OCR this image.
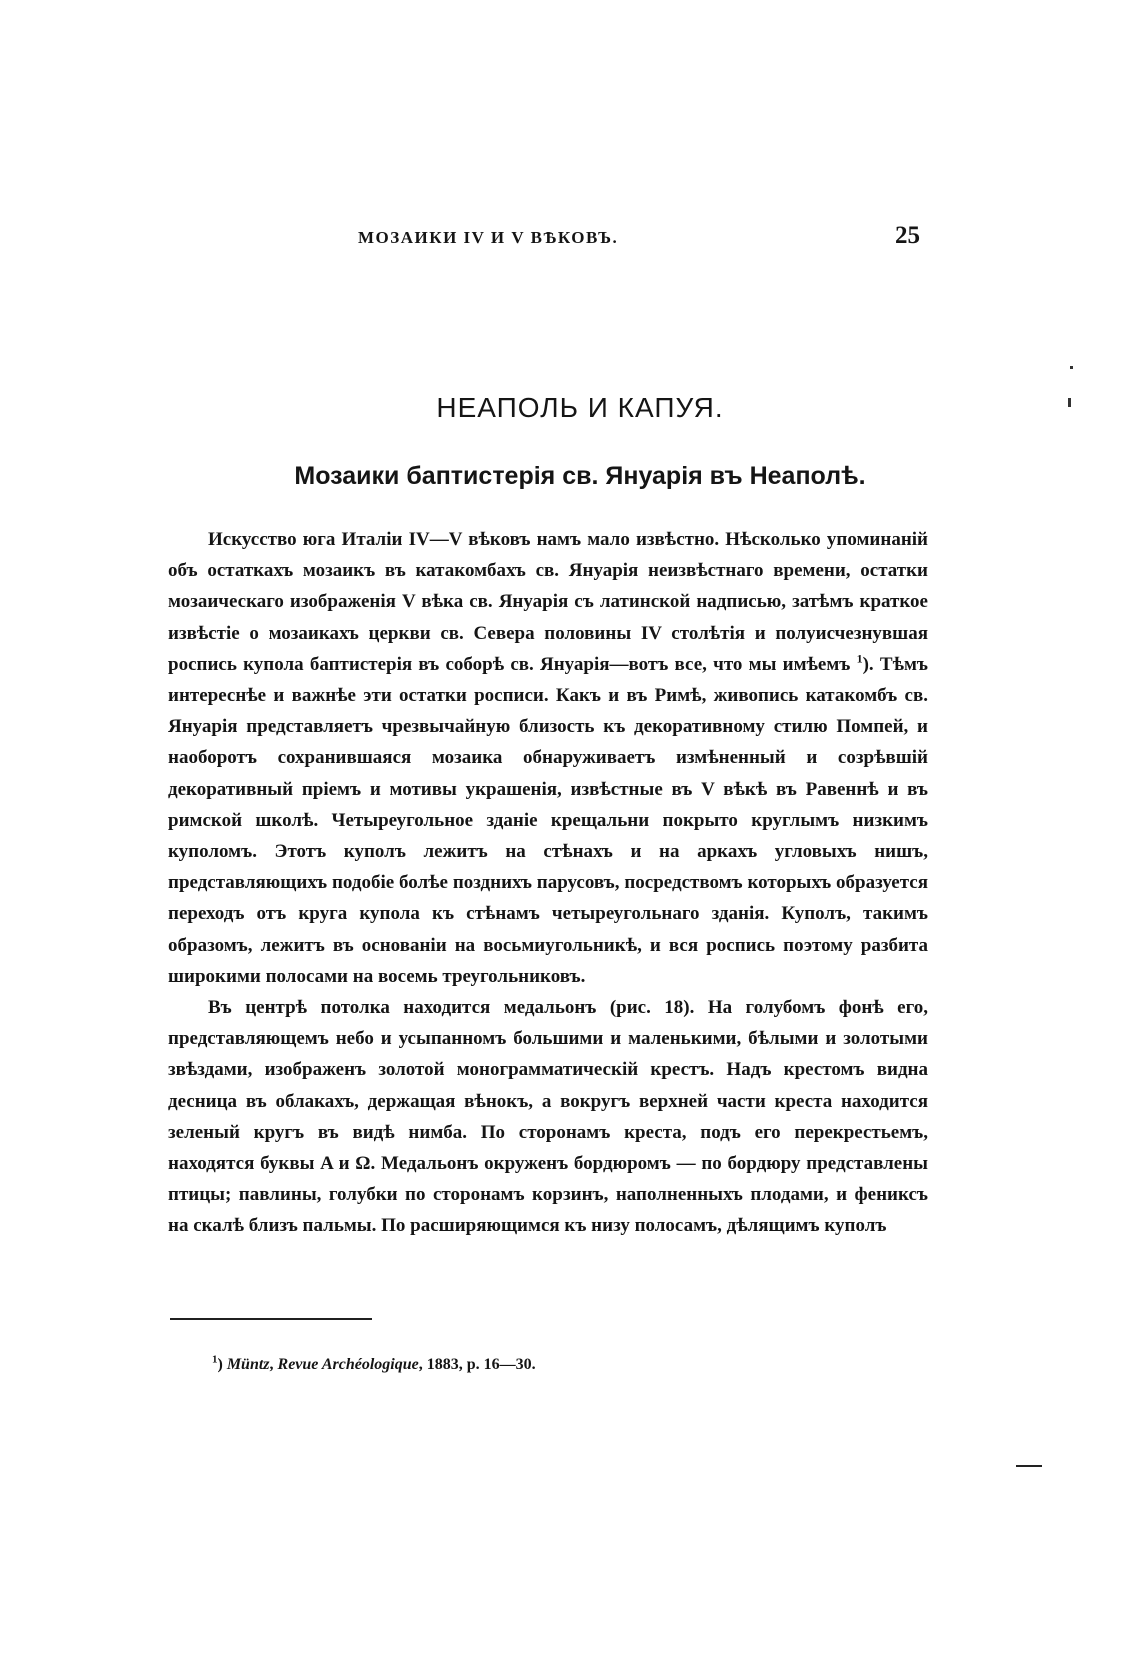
МОЗАИКИ IV И V ВѢКОВЪ.	25
НЕАПОЛЬ И КАПУЯ.
Мозаики баптистерія св. Януарія въ Неаполѣ.

Искусство юга Италіи IV—V вѣковъ намъ мало извѣстно. Нѣсколько упоминаній объ остаткахъ мозаикъ въ катакомбахъ св. Януарія неизвѣстнаго времени, остатки мозаическаго изображенія V вѣка св. Януарія съ латинской надписью, затѣмъ краткое извѣстіе о мозаикахъ церкви св. Севера половины IV столѣтія и полуисчезнувшая роспись купола баптистерія въ соборѣ св. Януарія—вотъ все, что мы имѣемъ $^1$). Тѣмъ интереснѣе и важнѣе эти остатки росписи. Какъ и въ Римѣ, живопись катакомбъ св. Януарія представляетъ чрезвычайную близость къ декоративному стилю Помпей, и наоборотъ сохранившаяся мозаика обнаруживаетъ измѣненный и созрѣвшій декоративный пріемъ и мотивы украшенія, извѣстные въ V вѣкѣ въ Равеннѣ и въ римской школѣ. Четыреугольное зданіе крещальни покрыто круглымъ низкимъ куполомъ. Этотъ куполъ лежитъ на стѣнахъ и на аркахъ угловыхъ нишъ, представляющихъ подобіе болѣе позднихъ парусовъ, посредствомъ которыхъ образуется переходъ отъ круга купола къ стѣнамъ четыреугольнаго зданія. Куполъ, такимъ образомъ, лежитъ въ основаніи на восьмиугольникѣ, и вся роспись поэтому разбита широкими полосами на восемь треугольниковъ.

Въ центрѣ потолка находится медальонъ (рис. 18). На голубомъ фонѣ его, представляющемъ небо и усыпанномъ большими и маленькими, бѣлыми и золотыми звѣздами, изображенъ золотой монограмматическій крестъ. Надъ крестомъ видна десница въ облакахъ, держащая вѣнокъ, а вокругъ верхней части креста находится зеленый кругъ въ видѣ нимба. По сторонамъ креста, подъ его перекрестьемъ, находятся буквы Α и Ω. Медальонъ окруженъ бордюромъ — по бордюру представлены птицы; павлины, голубки по сторонамъ корзинъ, наполненныхъ плодами, и фениксъ на скалѣ близъ пальмы. По расширяющимся къ низу полосамъ, дѣлящимъ куполъ

$^1$) Müntz, Revue Archéologique, 1883, p. 16—30.
